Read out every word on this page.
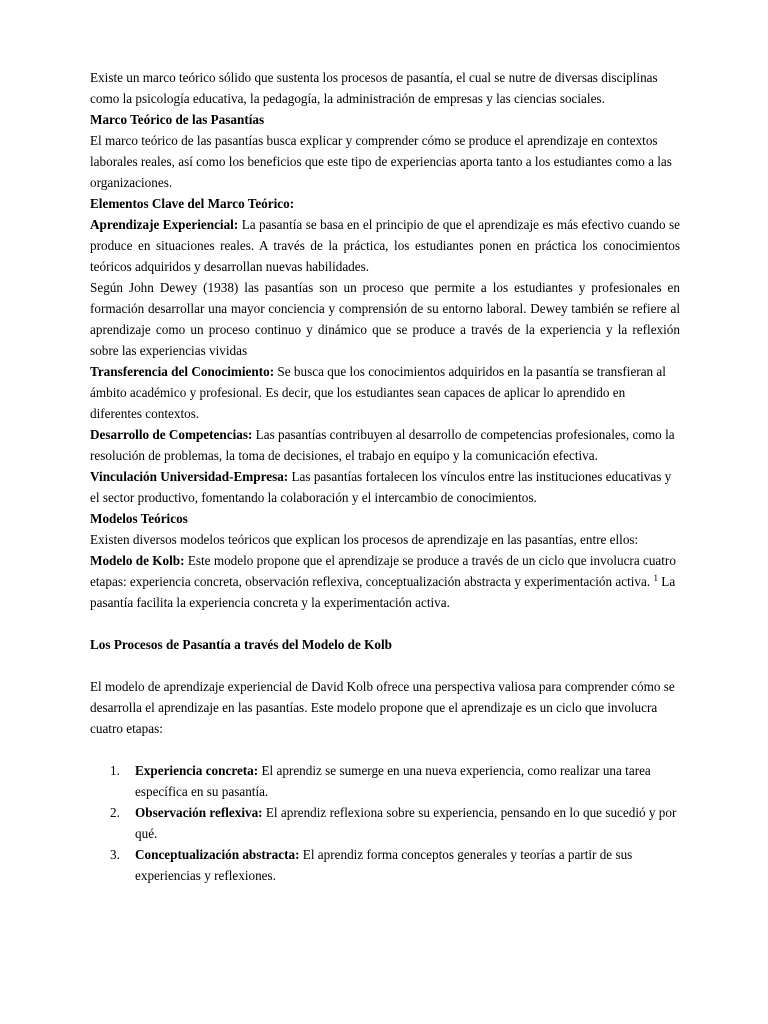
Existe un marco teórico sólido que sustenta los procesos de pasantía, el cual se nutre de diversas disciplinas como la psicología educativa, la pedagogía, la administración de empresas y las ciencias sociales.

Marco Teórico de las Pasantías

El marco teórico de las pasantías busca explicar y comprender cómo se produce el aprendizaje en contextos laborales reales, así como los beneficios que este tipo de experiencias aporta tanto a los estudiantes como a las organizaciones.

Elementos Clave del Marco Teórico:

Aprendizaje Experiencial: La pasantía se basa en el principio de que el aprendizaje es más efectivo cuando se produce en situaciones reales. A través de la práctica, los estudiantes ponen en práctica los conocimientos teóricos adquiridos y desarrollan nuevas habilidades.

Según John Dewey (1938) las pasantías son un proceso que permite a los estudiantes y profesionales en formación desarrollar una mayor conciencia y comprensión de su entorno laboral. Dewey también se refiere al aprendizaje como un proceso continuo y dinámico que se produce a través de la experiencia y la reflexión sobre las experiencias vividas

Transferencia del Conocimiento: Se busca que los conocimientos adquiridos en la pasantía se transfieran al ámbito académico y profesional. Es decir, que los estudiantes sean capaces de aplicar lo aprendido en diferentes contextos.

Desarrollo de Competencias: Las pasantías contribuyen al desarrollo de competencias profesionales, como la resolución de problemas, la toma de decisiones, el trabajo en equipo y la comunicación efectiva.

Vinculación Universidad-Empresa: Las pasantías fortalecen los vínculos entre las instituciones educativas y el sector productivo, fomentando la colaboración y el intercambio de conocimientos.

Modelos Teóricos

Existen diversos modelos teóricos que explican los procesos de aprendizaje en las pasantías, entre ellos:

Modelo de Kolb: Este modelo propone que el aprendizaje se produce a través de un ciclo que involucra cuatro etapas: experiencia concreta, observación reflexiva, conceptualización abstracta y experimentación activa. $^1$ La pasantía facilita la experiencia concreta y la experimentación activa.

Los Procesos de Pasantía a través del Modelo de Kolb

El modelo de aprendizaje experiencial de David Kolb ofrece una perspectiva valiosa para comprender cómo se desarrolla el aprendizaje en las pasantías. Este modelo propone que el aprendizaje es un ciclo que involucra cuatro etapas:

1. Experiencia concreta: El aprendiz se sumerge en una nueva experiencia, como realizar una tarea específica en su pasantía.
2. Observación reflexiva: El aprendiz reflexiona sobre su experiencia, pensando en lo que sucedió y por qué.
3. Conceptualización abstracta: El aprendiz forma conceptos generales y teorías a partir de sus experiencias y reflexiones.
